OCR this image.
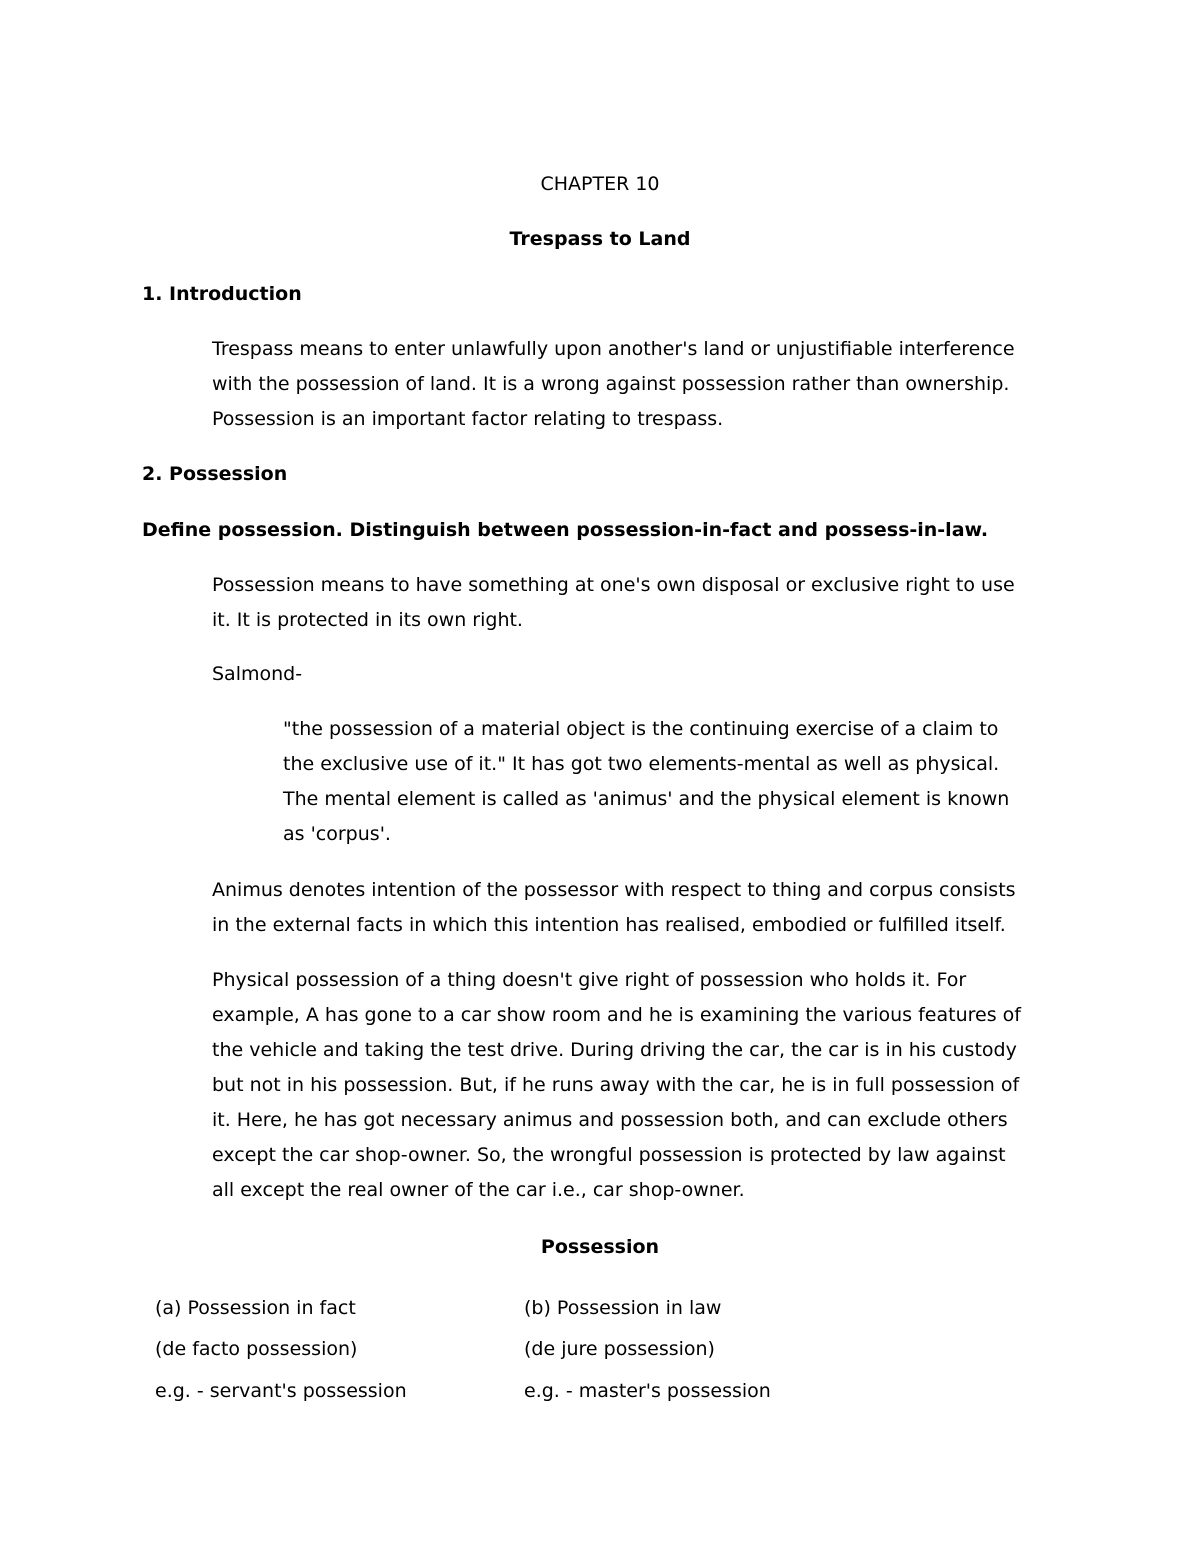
CHAPTER 10
Trespass to Land
1. Introduction
Trespass means to enter unlawfully upon another's land or unjustifiable interference
with the possession of land. It is a wrong against possession rather than ownership.
Possession is an important factor relating to trespass.
2. Possession
Define possession. Distinguish between possession-in-fact and possess-in-law.
Possession means to have something at one's own disposal or exclusive right to use
it. It is protected in its own right.
Salmond-
"the possession of a material object is the continuing exercise of a claim to
the exclusive use of it." It has got two elements-mental as well as physical.
The mental element is called as 'animus' and the physical element is known
as 'corpus'.
Animus denotes intention of the possessor with respect to thing and corpus consists
in the external facts in which this intention has realised, embodied or fulfilled itself.
Physical possession of a thing doesn't give right of possession who holds it. For
example, A has gone to a car show room and he is examining the various features of
the vehicle and taking the test drive. During driving the car, the car is in his custody
but not in his possession. But, if he runs away with the car, he is in full possession of
it. Here, he has got necessary animus and possession both, and can exclude others
except the car shop-owner. So, the wrongful possession is protected by law against
all except the real owner of the car i.e., car shop-owner.
Possession
(a) Possession in fact
(de facto possession)
e.g. - servant's possession
(b) Possession in law
(de jure possession)
e.g. - master's possession
